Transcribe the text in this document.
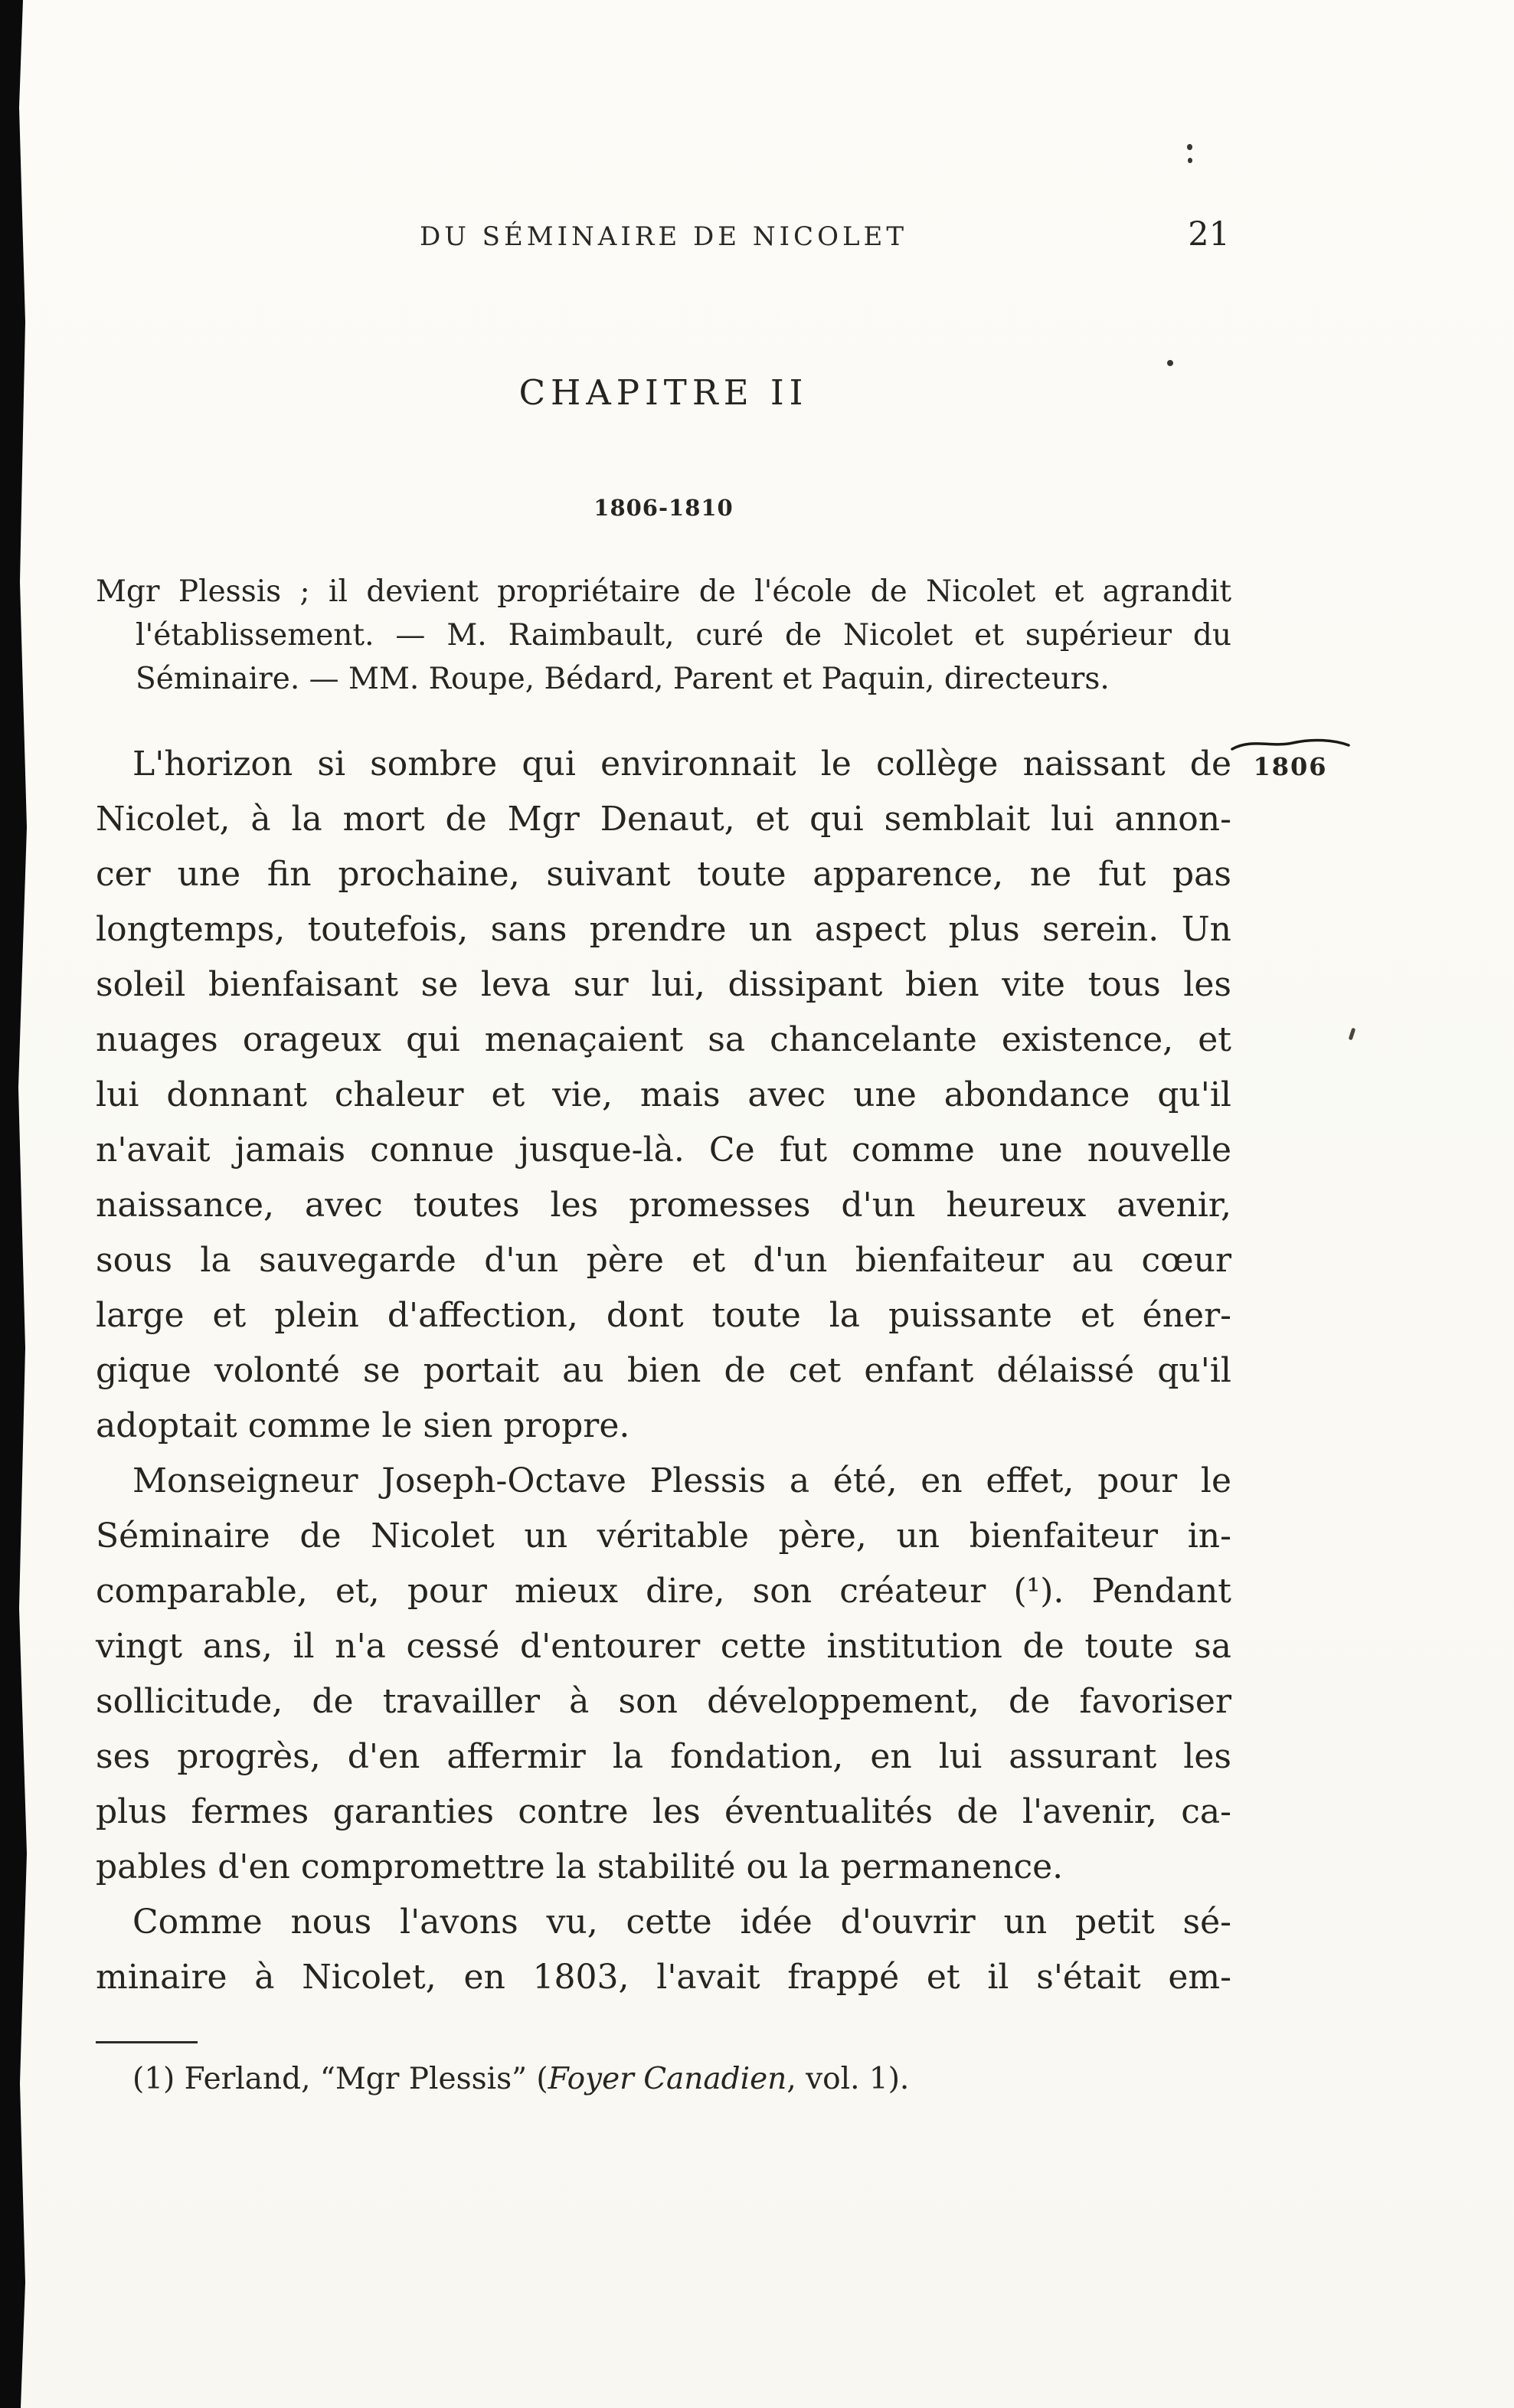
DU SÉMINAIRE DE NICOLET	21
CHAPITRE II
1806-1810
Mgr Plessis ; il devient propriétaire de l'école de Nicolet et agrandit
l'établissement. — M. Raimbault, curé de Nicolet et supérieur du
Séminaire. — MM. Roupe, Bédard, Parent et Paquin, directeurs.
1806
L'horizon si sombre qui environnait le collège naissant de
Nicolet, à la mort de Mgr Denaut, et qui semblait lui annon-
cer une fin prochaine, suivant toute apparence, ne fut pas
longtemps, toutefois, sans prendre un aspect plus serein. Un
soleil bienfaisant se leva sur lui, dissipant bien vite tous les
nuages orageux qui menaçaient sa chancelante existence, et
lui donnant chaleur et vie, mais avec une abondance qu'il
n'avait jamais connue jusque-là. Ce fut comme une nouvelle
naissance, avec toutes les promesses d'un heureux avenir,
sous la sauvegarde d'un père et d'un bienfaiteur au cœur
large et plein d'affection, dont toute la puissante et éner-
gique volonté se portait au bien de cet enfant délaissé qu'il
adoptait comme le sien propre.
Monseigneur Joseph-Octave Plessis a été, en effet, pour le
Séminaire de Nicolet un véritable père, un bienfaiteur in-
comparable, et, pour mieux dire, son créateur (¹). Pendant
vingt ans, il n'a cessé d'entourer cette institution de toute sa
sollicitude, de travailler à son développement, de favoriser
ses progrès, d'en affermir la fondation, en lui assurant les
plus fermes garanties contre les éventualités de l'avenir, ca-
pables d'en compromettre la stabilité ou la permanence.
Comme nous l'avons vu, cette idée d'ouvrir un petit sé-
minaire à Nicolet, en 1803, l'avait frappé et il s'était em-
(1) Ferland, “Mgr Plessis” (Foyer Canadien, vol. 1).
